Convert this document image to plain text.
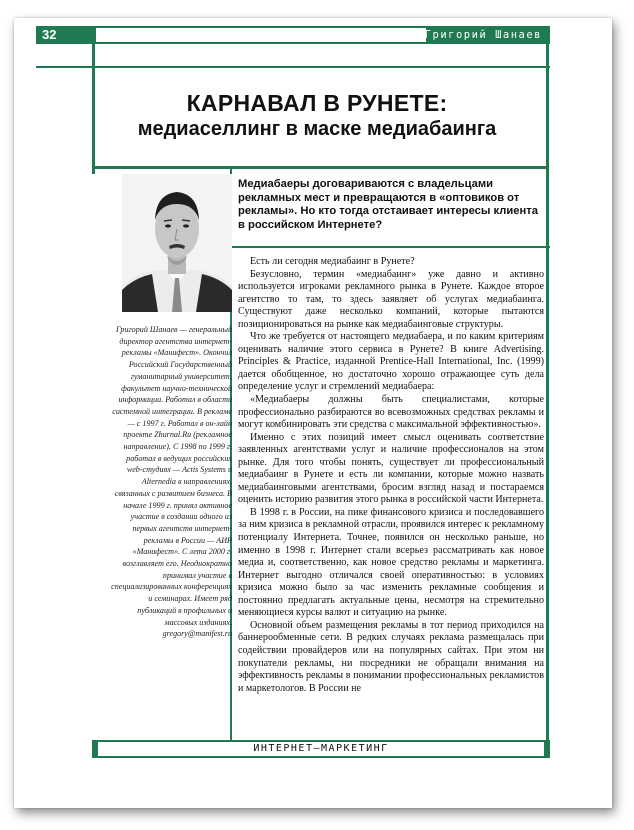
32	Григорий Шанаев
КАРНАВАЛ В РУНЕТЕ:
медиаселлинг в маске медиабаинга
Медиабаеры договариваются с владельцами рекламных мест и превращаются в «оптовиков от рекламы». Но кто тогда отстаивает интересы клиента в российском Интернете?
Григорий Шанаев — генеральный директор агентства интернет-рекламы «Манифест». Окончил Российский Государственный гуманитарный университет, факультет научно-технической информации. Работал в области системной интеграции. В рекламе — с 1997 г. Работал в он-лайн проекте Zhurnal.Ru (рекламное направление). С 1998 по 1999 г. работал в ведущих российских web-студиях — Actis Systems и Alternedia в направлениях, связанных с развитием бизнеса. В начале 1999 г. принял активное участие в создании одного из первых агентств интернет-рекламы в России — АИР «Манифест». С лета 2000 г. возглавляет его. Неоднократно принимал участие в специализированных конференциях и семинарах. Имеет ряд публикаций в профильных и массовых изданиях. gregory@manifest.ru

Есть ли сегодня медиабаинг в Рунете?

Безусловно, термин «медиабаинг» уже давно и активно используется игроками рекламного рынка в Рунете. Каждое второе агентство то там, то здесь заявляет об услугах медиабаинга. Существуют даже несколько компаний, которые пытаются позиционироваться на рынке как медиабаинговые структуры.

Что же требуется от настоящего медиабаера, и по каким критериям оценивать наличие этого сервиса в Рунете? В книге Advertising. Principles & Practice, изданной Prentice-Hall International, Inc. (1999) дается обобщенное, но достаточно хорошо отражающее суть дела определение услуг и стремлений медиабаера:

«Медиабаеры должны быть специалистами, которые профессионально разбираются во всевозможных средствах рекламы и могут комбинировать эти средства с максимальной эффективностью».

Именно с этих позиций имеет смысл оценивать соответствие заявленных агентствами услуг и наличие профессионалов на этом рынке. Для того чтобы понять, существует ли профессиональный медиабаинг в Рунете и есть ли компании, которые можно назвать медиабаинговыми агентствами, бросим взгляд назад и постараемся оценить историю развития этого рынка в российской части Интернета.

В 1998 г. в России, на пике финансового кризиса и последовавшего за ним кризиса в рекламной отрасли, проявился интерес к рекламному потенциалу Интернета. Точнее, появился он несколько раньше, но именно в 1998 г. Интернет стали всерьез рассматривать как новое медиа и, соответственно, как новое средство рекламы и маркетинга. Интернет выгодно отличался своей оперативностью: в условиях кризиса можно было за час изменить рекламные сообщения и постоянно предлагать актуальные цены, несмотря на стремительно меняющиеся курсы валют и ситуацию на рынке.

Основной объем размещения рекламы в тот период приходился на баннерообменные сети. В редких случаях реклама размещалась при содействии провайдеров или на популярных сайтах. При этом ни покупатели рекламы, ни посредники не обращали внимания на эффективность рекламы в понимании профессиональных рекламистов и маркетологов. В России не

ИНТЕРНЕТ–МАРКЕТИНГ
